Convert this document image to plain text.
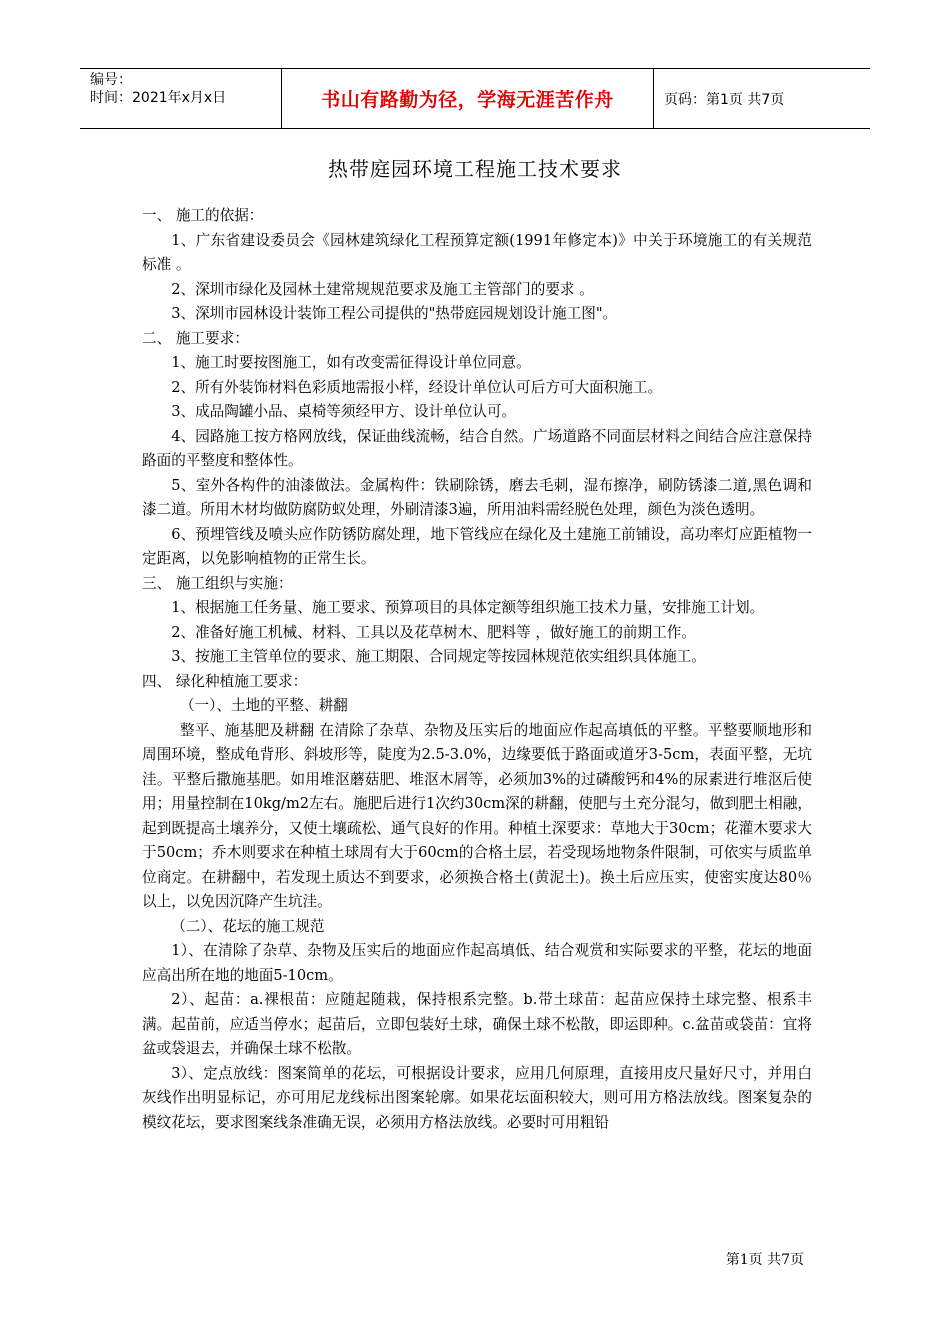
编号：
时间：2021年x月x日	书山有路勤为径，学海无涯苦作舟	页码：第1页 共7页
热带庭园环境工程施工技术要求

一、 施工的依据：

1、广东省建设委员会《园林建筑绿化工程预算定额(1991年修定本)》中关于环境施工的有关规范标准 。

2、深圳市绿化及园林土建常规规范要求及施工主管部门的要求 。

3、深圳市园林设计装饰工程公司提供的"热带庭园规划设计施工图"。

二、 施工要求：

1、施工时要按图施工，如有改变需征得设计单位同意。

2、所有外装饰材料色彩质地需报小样，经设计单位认可后方可大面积施工。

3、成品陶罐小品、桌椅等须经甲方、设计单位认可。

4、园路施工按方格网放线，保证曲线流畅，结合自然。广场道路不同面层材料之间结合应注意保持路面的平整度和整体性。

5、室外各构件的油漆做法。金属构件：铁刷除锈，磨去毛刺，湿布擦净，刷防锈漆二道,黑色调和漆二道。所用木材均做防腐防蚁处理，外刷清漆3遍，所用油料需经脱色处理，颜色为淡色透明。

6、预埋管线及喷头应作防锈防腐处理，地下管线应在绿化及土建施工前铺设，高功率灯应距植物一定距离，以免影响植物的正常生长。

三、 施工组织与实施：

1、根据施工任务量、施工要求、预算项目的具体定额等组织施工技术力量，安排施工计划。

2、准备好施工机械、材料、工具以及花草树木、肥料等 ，做好施工的前期工作。

3、按施工主管单位的要求、施工期限、合同规定等按园林规范依实组织具体施工。

四、 绿化种植施工要求：

（一）、土地的平整、耕翻

整平、施基肥及耕翻 在清除了杂草、杂物及压实后的地面应作起高填低的平整。平整要顺地形和周围环境，整成龟背形、斜坡形等，陡度为2.5-3.0%，边缘要低于路面或道牙3-5cm，表面平整，无坑洼。平整后撒施基肥。如用堆沤蘑菇肥、堆沤木屑等，必须加3%的过磷酸钙和4%的尿素进行堆沤后使用；用量控制在10kg/m2左右。施肥后进行1次约30cm深的耕翻，使肥与土充分混匀，做到肥土相融，起到既提高土壤养分，又使土壤疏松、通气良好的作用。种植土深要求：草地大于30cm；花灌木要求大于50cm；乔木则要求在种植土球周有大于60cm的合格土层，若受现场地物条件限制，可依实与质监单位商定。在耕翻中，若发现土质达不到要求，必须换合格土(黄泥土)。换土后应压实，使密实度达80％以上，以免因沉降产生坑洼。

（二）、花坛的施工规范

1）、在清除了杂草、杂物及压实后的地面应作起高填低、结合观赏和实际要求的平整，花坛的地面应高出所在地的地面5-10cm。

2）、起苗：a.裸根苗：应随起随栽，保持根系完整。b.带土球苗：起苗应保持土球完整、根系丰满。起苗前，应适当停水；起苗后，立即包装好土球，确保土球不松散，即运即种。c.盆苗或袋苗：宜将盆或袋退去，并确保土球不松散。

3）、定点放线：图案简单的花坛，可根据设计要求，应用几何原理，直接用皮尺量好尺寸，并用白灰线作出明显标记，亦可用尼龙线标出图案轮廓。如果花坛面积较大，则可用方格法放线。图案复杂的模纹花坛，要求图案线条准确无误，必须用方格法放线。必要时可用粗铅

第1页 共7页
